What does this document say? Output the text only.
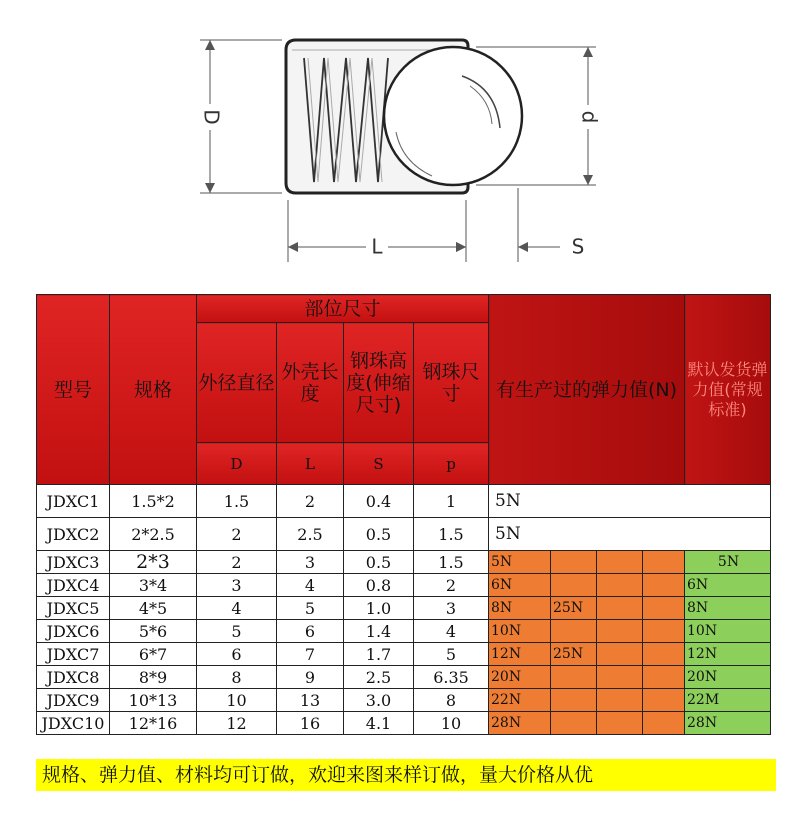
D	d
L	S
型号	规格	部位尺寸				有生产过的弹力值(N)				默认发货弹力值(常规标准)
		外径直径	外壳长度	钢珠高度(伸缩尺寸)	钢珠尺寸					
		D	L	S	p					
JDXC1	1.5*2	1.5	2	0.4	1	5N				
JDXC2	2*2.5	2	2.5	0.5	1.5	5N				
JDXC3	2*3	2	3	0.5	1.5	5N				5N
JDXC4	3*4	3	4	0.8	2	6N				6N
JDXC5	4*5	4	5	1.0	3	8N	25N			8N
JDXC6	5*6	5	6	1.4	4	10N				10N
JDXC7	6*7	6	7	1.7	5	12N	25N			12N
JDXC8	8*9	8	9	2.5	6.35	20N				20N
JDXC9	10*13	10	13	3.0	8	22N				22M
JDXC10	12*16	12	16	4.1	10	28N				28N
规格、弹力值、材料均可订做，欢迎来图来样订做，量大价格从优
